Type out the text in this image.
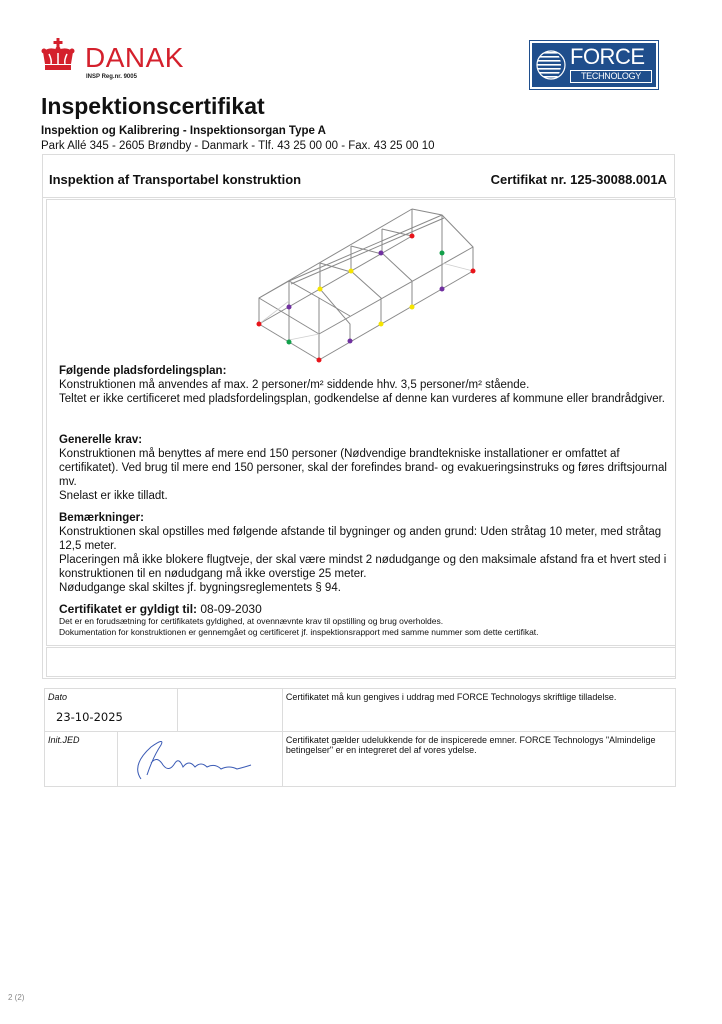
DANAK
INSP Reg.nr. 9005
FORCE
TECHNOLOGY
Inspektionscertifikat
Inspektion og Kalibrering - Inspektionsorgan Type A
Park Allé 345 - 2605 Brøndby - Danmark - Tlf. 43 25 00 00 - Fax. 43 25 00 10
Inspektion af Transportabel konstruktion	Certifikat nr. 125-30088.001A
Følgende pladsfordelingsplan:

Konstruktionen må anvendes af max. 2 personer/m² siddende hhv. 3,5 personer/m² stående.

Teltet er ikke certificeret med pladsfordelingsplan, godkendelse af denne kan vurderes af kommune eller brandrådgiver.

Generelle krav:

Konstruktionen må benyttes af mere end 150 personer (Nødvendige brandtekniske installationer er omfattet af certifikatet). Ved brug til mere end 150 personer, skal der forefindes brand- og evakueringsinstruks og føres driftsjournal mv.

Snelast er ikke tilladt.

Bemærkninger:

Konstruktionen skal opstilles med følgende afstande til bygninger og anden grund: Uden stråtag 10 meter, med stråtag 12,5 meter.

Placeringen må ikke blokere flugtveje, der skal være mindst 2 nødudgange og den maksimale afstand fra et hvert sted i konstruktionen til en nødudgang må ikke overstige 25 meter.

Nødudgange skal skiltes jf. bygningsreglementets § 94.

Certifikatet er gyldigt til: 08-09-2030

Det er en forudsætning for certifikatets gyldighed, at ovennævnte krav til opstilling og brug overholdes.

Dokumentation for konstruktionen er gennemgået og certificeret jf. inspektionsrapport med samme nummer som dette certifikat.

Dato
23-10-2025			Certifikatet må kun gengives i uddrag med FORCE Technologys skriftlige tilladelse.
Init.JED			Certifikatet gælder udelukkende for de inspicerede emner. FORCE Technologys "Almindelige betingelser" er en integreret del af vores ydelse.
2 (2)
